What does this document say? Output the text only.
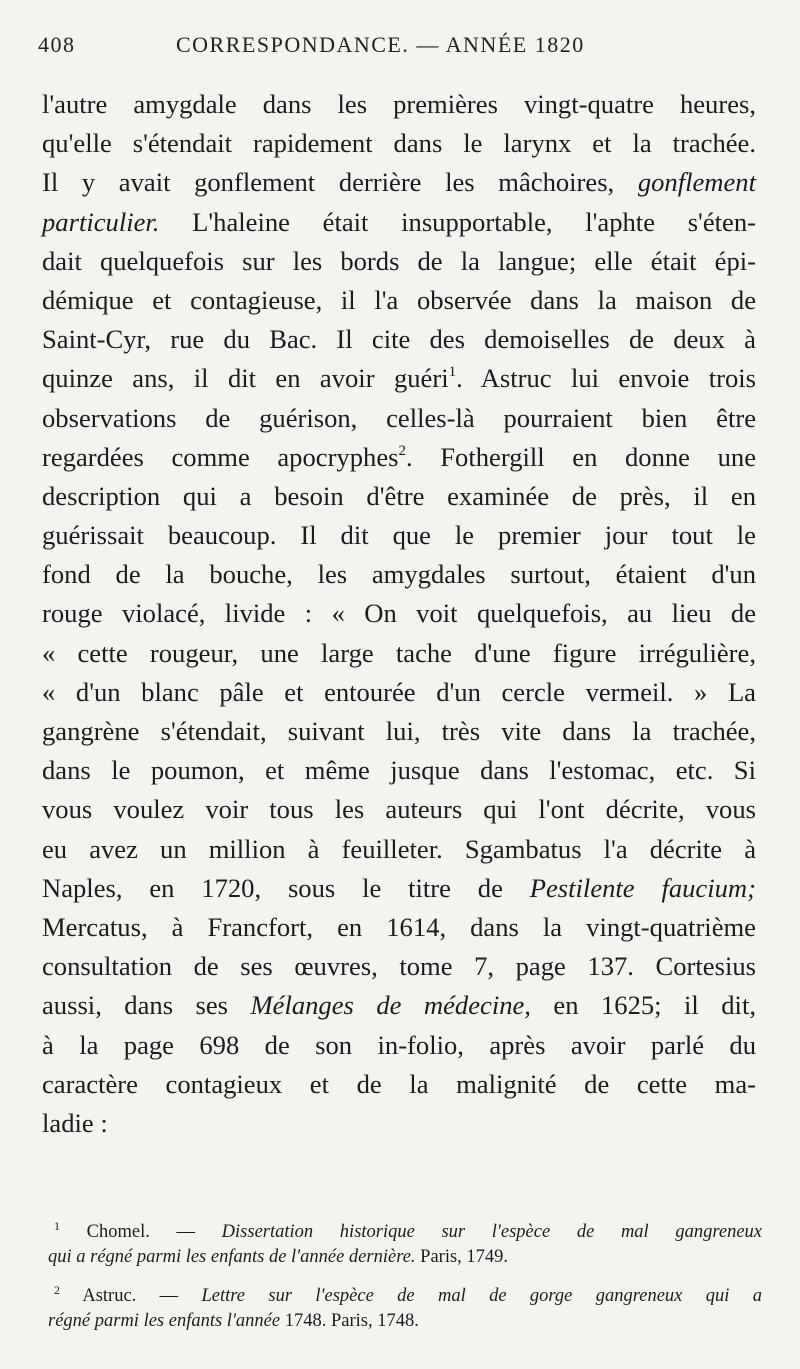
408	CORRESPONDANCE. — ANNÉE 1820
l'autre amygdale dans les premières vingt-quatre heures,
qu'elle s'étendait rapidement dans le larynx et la trachée.
Il y avait gonflement derrière les mâchoires, gonflement
particulier. L'haleine était insupportable, l'aphte s'éten-
dait quelquefois sur les bords de la langue; elle était épi-
démique et contagieuse, il l'a observée dans la maison de
Saint-Cyr, rue du Bac. Il cite des demoiselles de deux à
quinze ans, il dit en avoir guéri$^1$. Astruc lui envoie trois
observations de guérison, celles-là pourraient bien être
regardées comme apocryphes$^2$. Fothergill en donne une
description qui a besoin d'être examinée de près, il en
guérissait beaucoup. Il dit que le premier jour tout le
fond de la bouche, les amygdales surtout, étaient d'un
rouge violacé, livide : « On voit quelquefois, au lieu de
« cette rougeur, une large tache d'une figure irrégulière,
« d'un blanc pâle et entourée d'un cercle vermeil. » La
gangrène s'étendait, suivant lui, très vite dans la trachée,
dans le poumon, et même jusque dans l'estomac, etc. Si
vous voulez voir tous les auteurs qui l'ont décrite, vous
eu avez un million à feuilleter. Sgambatus l'a décrite à
Naples, en 1720, sous le titre de Pestilente faucium;
Mercatus, à Francfort, en 1614, dans la vingt-quatrième
consultation de ses œuvres, tome 7, page 137. Cortesius
aussi, dans ses Mélanges de médecine, en 1625; il dit,
à la page 698 de son in-folio, après avoir parlé du
caractère contagieux et de la malignité de cette ma-
ladie :
$^1$ Chomel. — Dissertation historique sur l'espèce de mal gangreneux
qui a régné parmi les enfants de l'année dernière. Paris, 1749.
$^2$ Astruc. — Lettre sur l'espèce de mal de gorge gangreneux qui a
régné parmi les enfants l'année 1748. Paris, 1748.
